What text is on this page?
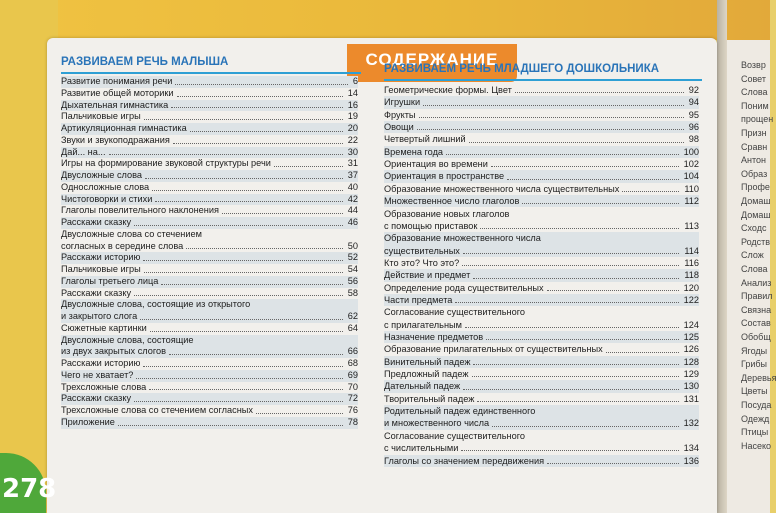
Возвр
Совет
Слова
Поним
прощен
Призн
Сравн
Антон
Образ
Профе
Домаш
Домаш
Сходс
Родств
Слож
Слова
Анализ
Правил
Связна
Состав
Обобщ
Ягоды
Грибы
Деревья
Цветы
Посуда
Одежд
Птицы
Насеко
СОДЕРЖАНИЕ
РАЗВИВАЕМ РЕЧЬ МАЛЫША
Развитие понимания речи	6
Развитие общей моторики	14
Дыхательная гимнастика	16
Пальчиковые игры	19
Артикуляционная гимнастика	20
Звуки и звукоподражания	22
Дай... на...	30
Игры на формирование звуковой структуры речи	31
Двусложные слова	37
Односложные слова	40
Чистоговорки и стихи	42
Глаголы повелительного наклонения	44
Расскажи сказку	46
Двусложные слова со стечением
согласных в середине слова	50
Расскажи историю	52
Пальчиковые игры	54
Глаголы третьего лица	56
Расскажи сказку	58
Двусложные слова, состоящие из открытого
и закрытого слога	62
Сюжетные картинки	64
Двусложные слова, состоящие
из двух закрытых слогов	66
Расскажи историю	68
Чего не хватает?	69
Трехсложные слова	70
Расскажи сказку	72
Трехсложные слова со стечением согласных	76
Приложение	78
РАЗВИВАЕМ РЕЧЬ МЛАДШЕГО ДОШКОЛЬНИКА
Геометрические формы. Цвет	92
Игрушки	94
Фрукты	95
Овощи	96
Четвертый лишний	98
Времена года	100
Ориентация во времени	102
Ориентация в пространстве	104
Образование множественного числа существительных	110
Множественное число глаголов	112
Образование новых глаголов
с помощью приставок	113
Образование множественного числа
существительных	114
Кто это? Что это?	116
Действие и предмет	118
Определение рода существительных	120
Части предмета	122
Согласование существительного
с прилагательным	124
Назначение предметов	125
Образование прилагательных от существительных	126
Винительный падеж	128
Предложный падеж	129
Дательный падеж	130
Творительный падеж	131
Родительный падеж единственного
и множественного числа	132
Согласование существительного
с числительными	134
Глаголы со значением передвижения	136
278
